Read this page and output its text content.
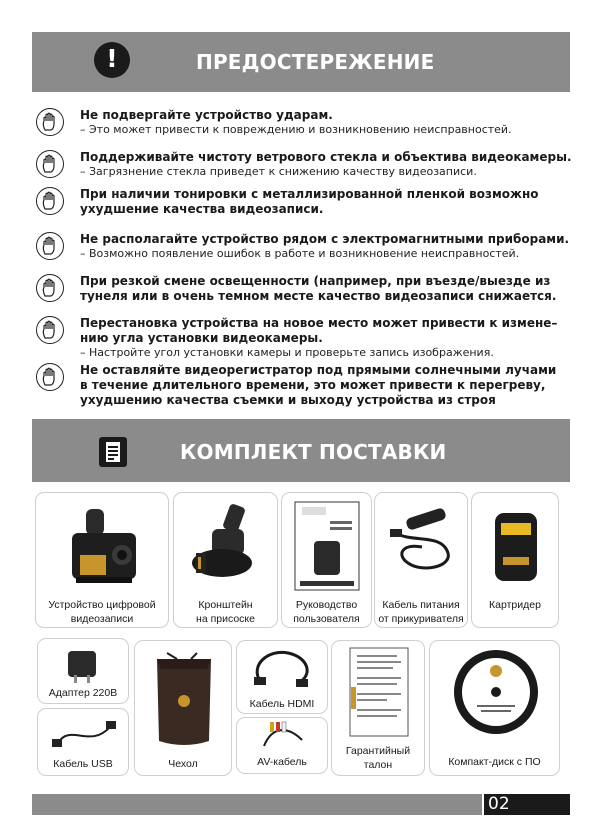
!
ПРЕДОСТЕРЕЖЕНИЕ
Не подвергайте устройство ударам.
– Это может привести к повреждению и возникновению неисправностей.
Поддерживайте чистоту ветрового стекла и объектива видеокамеры.
– Загрязнение стекла приведет к снижению качеству видеозаписи.
При наличии тонировки с металлизированной пленкой возможно
ухудшение качества видеозаписи.
Не располагайте устройство рядом с электромагнитными приборами.
– Возможно появление ошибок в работе и возникновение неисправностей.
При резкой смене освещенности (например, при въезде/выезде из
тунеля или в очень темном месте качество видеозаписи снижается.
Перестановка устройства на новое место может привести к измене–
нию угла установки видеокамеры.
– Настройте угол установки камеры и проверьте запись изображения.
Не оставляйте видеорегистратор под прямыми солнечными лучами
в течение длительного времени, это может привести к перегреву,
ухудшению качества съемки и выходу устройства из строя
КОМПЛЕКТ ПОСТАВКИ
Устройство цифровой
видеозаписи
Кронштейн
на присоске
Руководство
пользователя
Кабель питания
от прикуривателя
Картридер
Адаптер 220В
Кабель USB	Чехол
Кабель HDMI
AV-кабель
Гарантийный
талон	Компакт-диск с ПО
02
